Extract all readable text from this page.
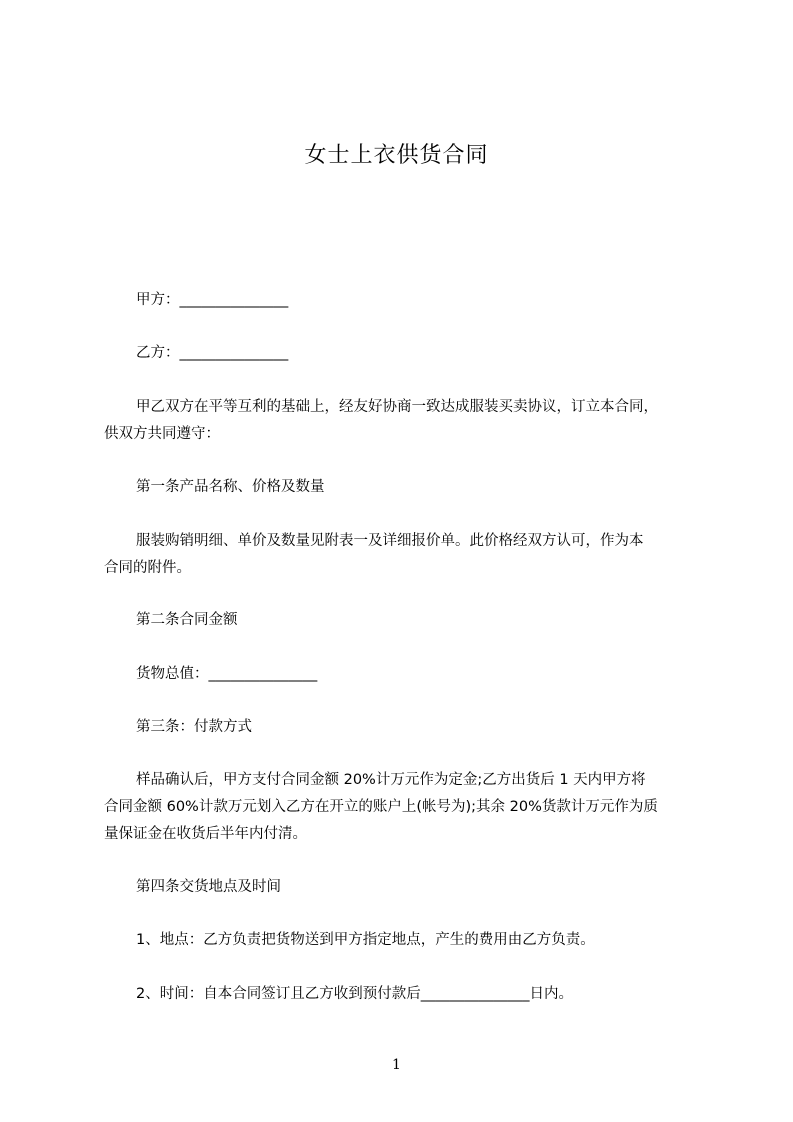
女士上衣供货合同
甲方：_______________
乙方：_______________
甲乙双方在平等互利的基础上，经友好协商一致达成服装买卖协议，订立本合同，
供双方共同遵守：
第一条产品名称、价格及数量
服装购销明细、单价及数量见附表一及详细报价单。此价格经双方认可，作为本
合同的附件。
第二条合同金额
货物总值：_______________
第三条：付款方式
样品确认后，甲方支付合同金额 20%计万元作为定金;乙方出货后 1 天内甲方将
合同金额 60%计款万元划入乙方在开立的账户上(帐号为);其余 20%货款计万元作为质
量保证金在收货后半年内付清。
第四条交货地点及时间
1、地点：乙方负责把货物送到甲方指定地点，产生的费用由乙方负责。
2、时间：自本合同签订且乙方收到预付款后_______________日内。
1
